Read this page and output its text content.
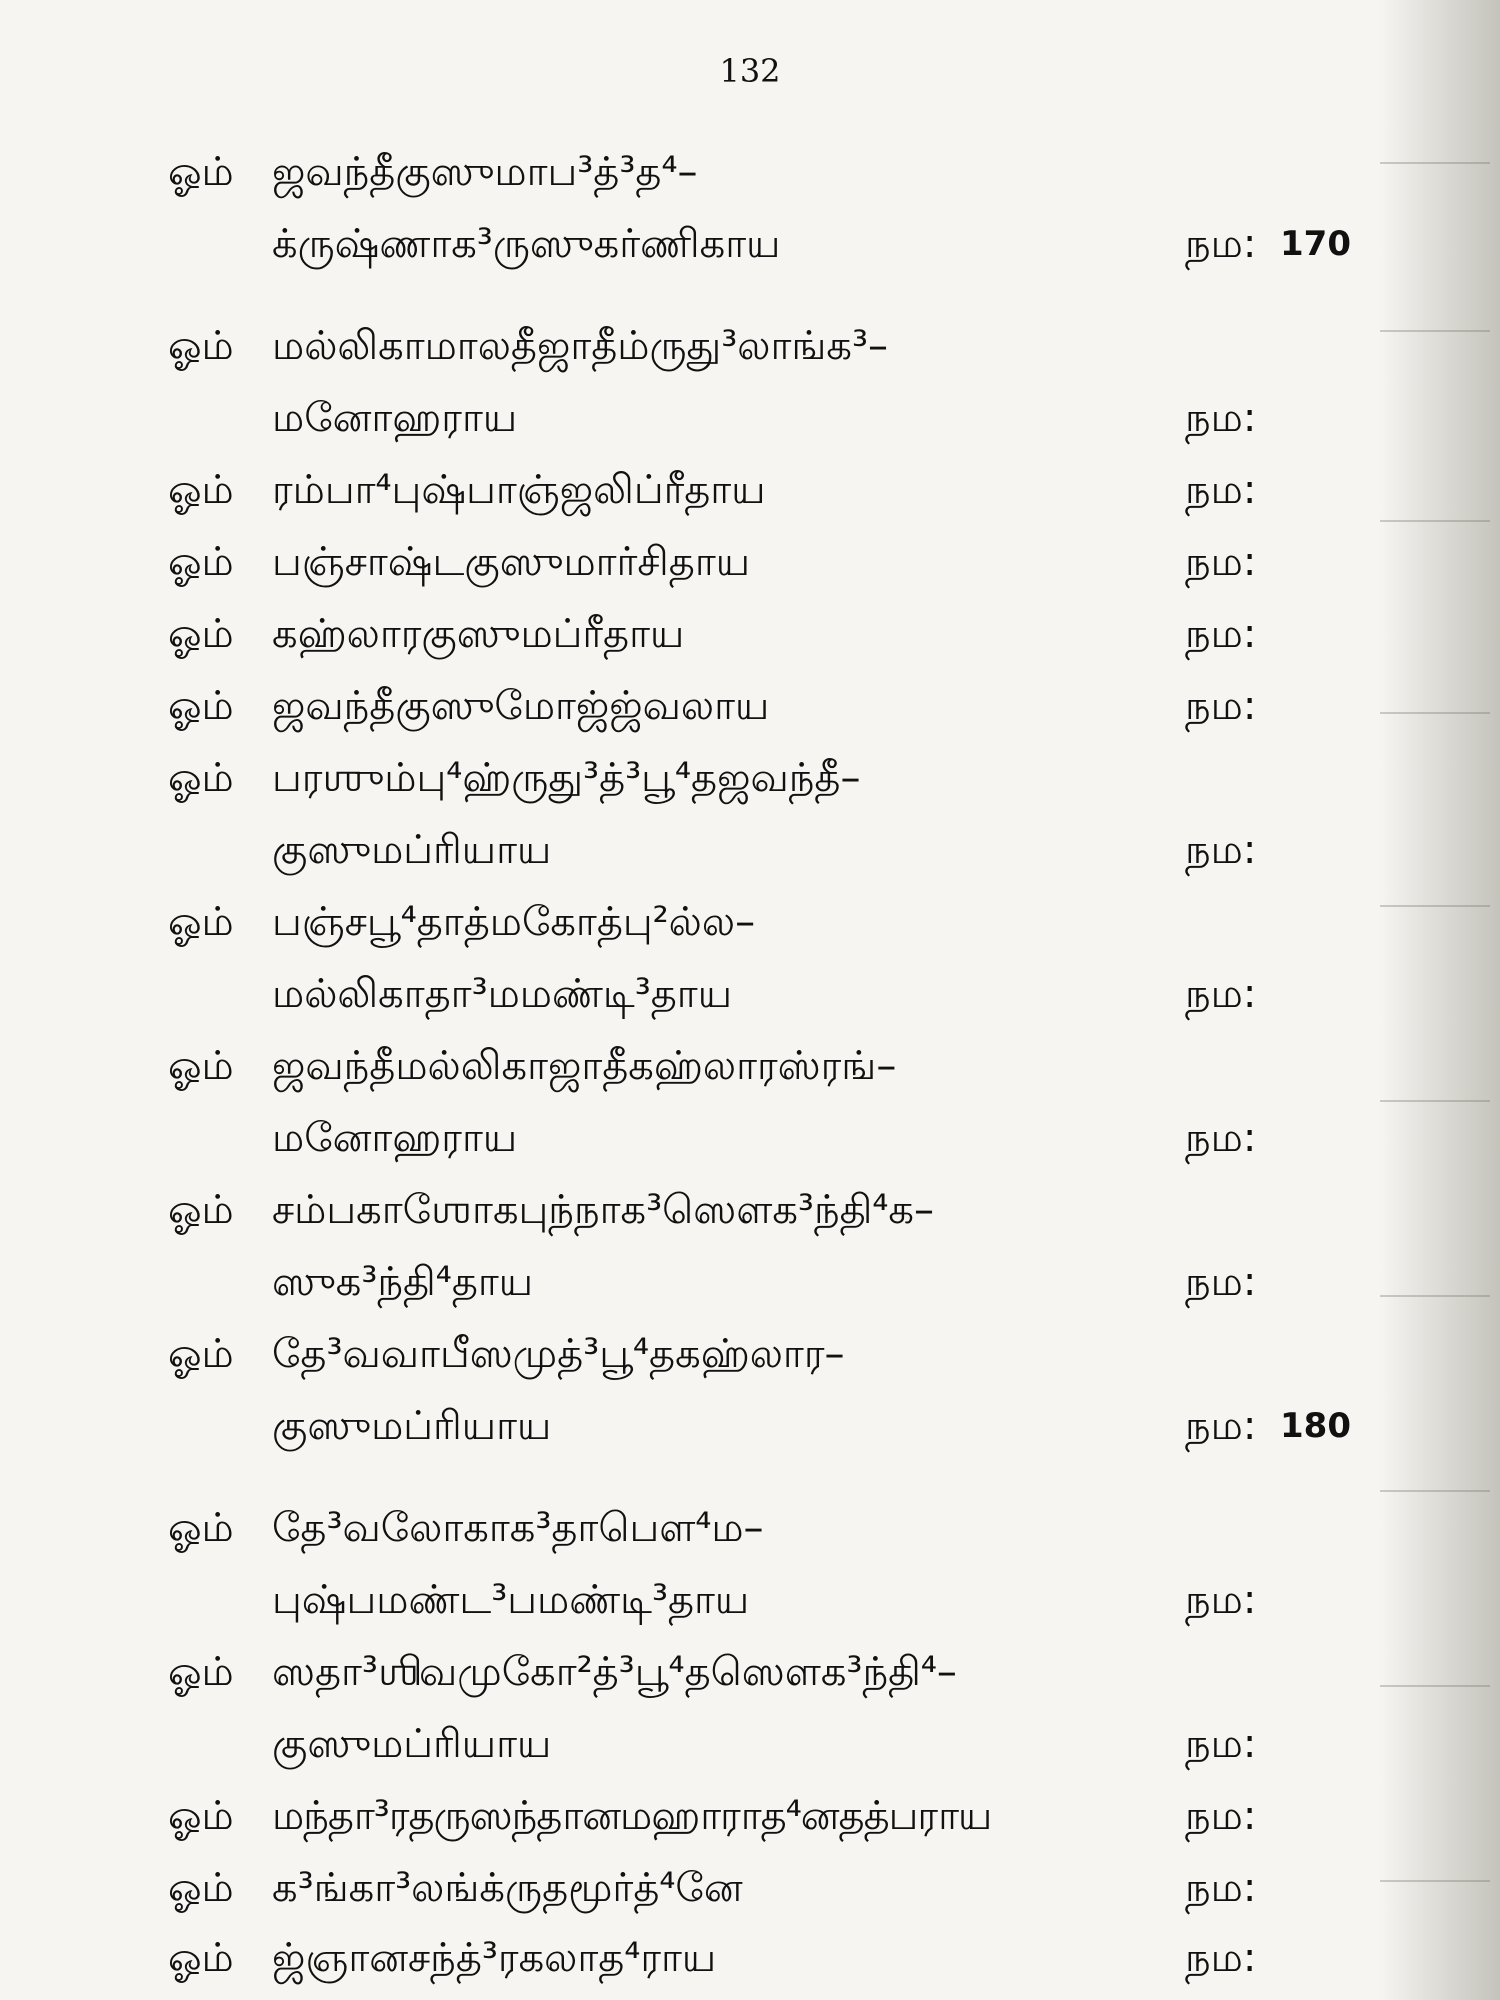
132
ஓம் ஜவந்தீகுஸுமாப³த்³த⁴–
க்ருஷ்ணாக³ருஸுகர்ணிகாய	நம: 170
ஓம் மல்லிகாமாலதீஜாதீம்ருது³லாங்க³–
மனோஹராய	நம:
ஓம் ரம்பா⁴புஷ்பாஞ்ஜலிப்ரீதாய	நம:
ஓம் பஞ்சாஷ்டகுஸுமார்சிதாய	நம:
ஓம் கஹ்லாரகுஸுமப்ரீதாய	நம:
ஓம் ஜவந்தீகுஸுமோஜ்ஜ்வலாய	நம:
ஓம் பரஶும்பு⁴ஹ்ருது³த்³பூ⁴தஜவந்தீ–
குஸுமப்ரியாய	நம:
ஓம் பஞ்சபூ⁴தாத்மகோத்பு²ல்ல–
மல்லிகாதா³மமண்டி³தாய	நம:
ஓம் ஜவந்தீமல்லிகாஜாதீகஹ்லாரஸ்ரங்–
மனோஹராய	நம:
ஓம் சம்பகாஶோகபுந்நாக³ஸௌக³ந்தி⁴க–
ஸுக³ந்தி⁴தாய	நம:
ஓம் தே³வவாபீஸமுத்³பூ⁴தகஹ்லார–
குஸுமப்ரியாய	நம: 180
ஓம் தே³வலோகாக³தாபௌ⁴ம–
புஷ்பமண்ட³பமண்டி³தாய	நம:
ஓம் ஸதா³ஶிவமுகோ²த்³பூ⁴தஸௌக³ந்தி⁴–
குஸுமப்ரியாய	நம:
ஓம் மந்தா³ரதருஸந்தானமஹாராத⁴னதத்பராய	நம:
ஓம் க³ங்கா³லங்க்ருதமூர்த்⁴னே	நம:
ஓம் ஜ்ஞானசந்த்³ரகலாத⁴ராய	நம:
